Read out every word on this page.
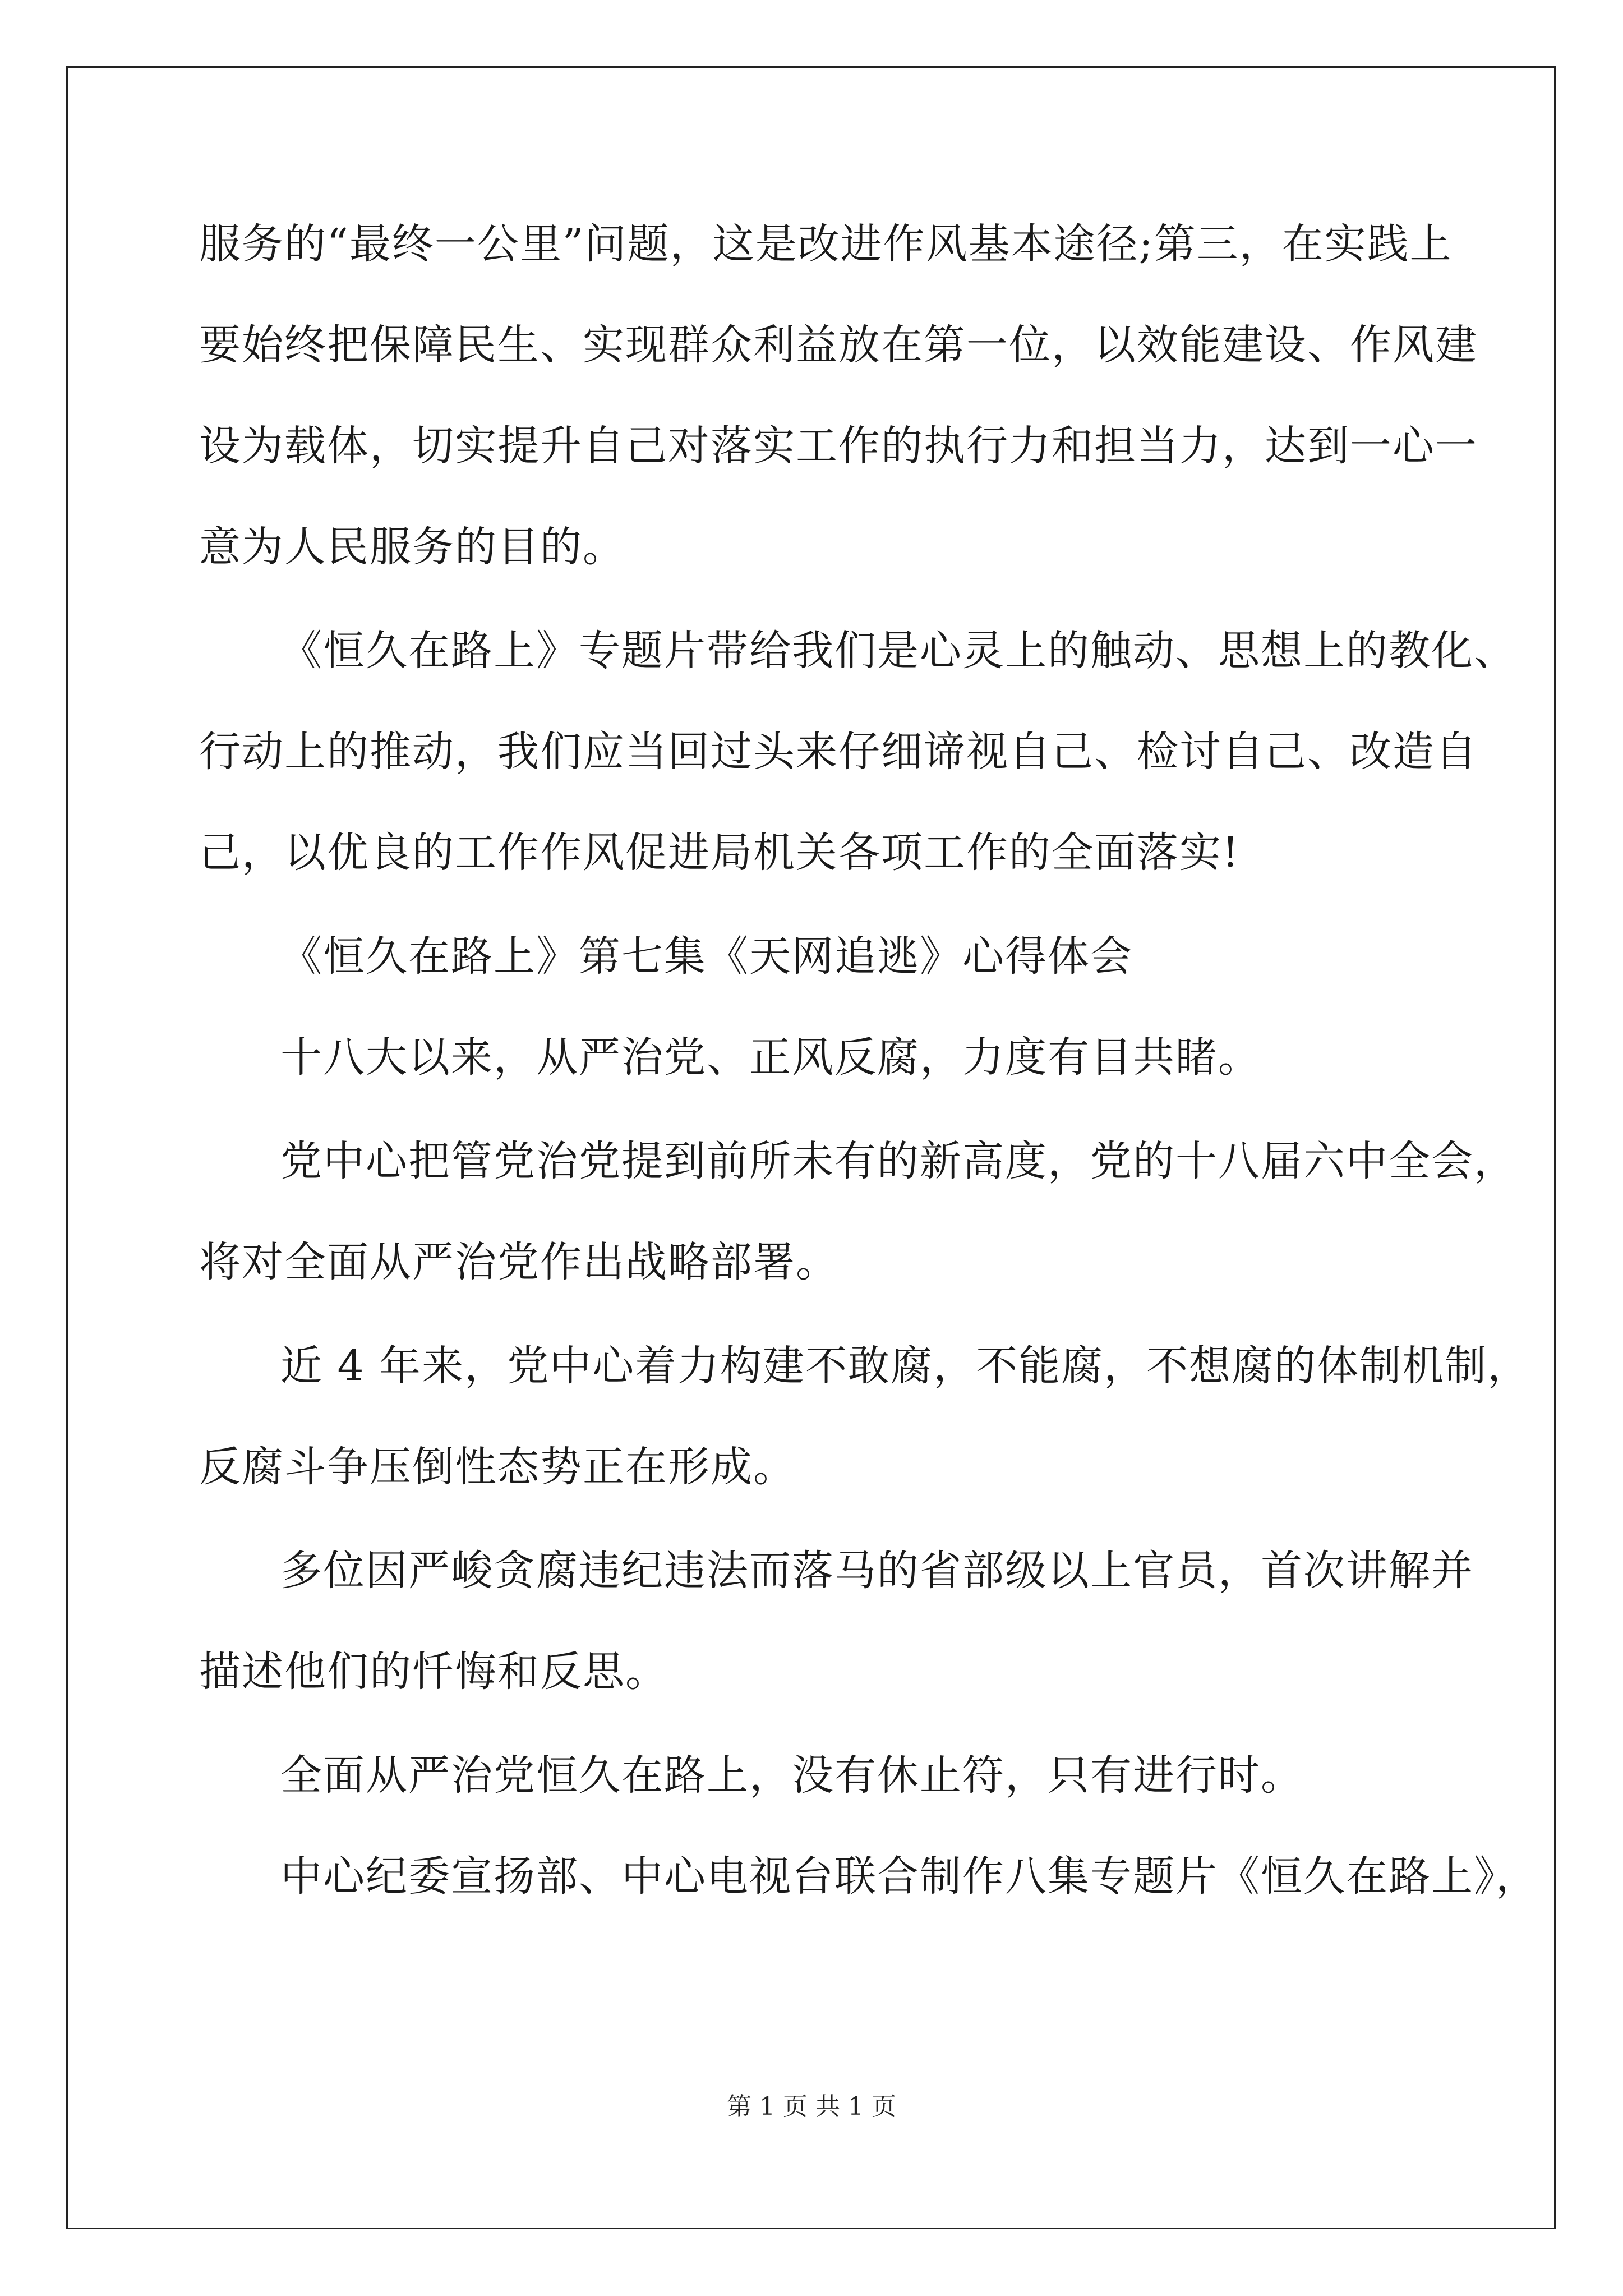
服务的“最终一公里”问题，这是改进作风基本途径;第三，在实践上
要始终把保障民生、实现群众利益放在第一位，以效能建设、作风建
设为载体，切实提升自己对落实工作的执行力和担当力，达到一心一
意为人民服务的目的。
《恒久在路上》专题片带给我们是心灵上的触动、思想上的教化、
行动上的推动，我们应当回过头来仔细谛视自己、检讨自己、改造自
己，以优良的工作作风促进局机关各项工作的全面落实!
《恒久在路上》第七集《天网追逃》心得体会
十八大以来，从严治党、正风反腐，力度有目共睹。
党中心把管党治党提到前所未有的新高度，党的十八届六中全会，
将对全面从严治党作出战略部署。
近 4 年来，党中心着力构建不敢腐，不能腐，不想腐的体制机制，
反腐斗争压倒性态势正在形成。
多位因严峻贪腐违纪违法而落马的省部级以上官员，首次讲解并
描述他们的忏悔和反思。
全面从严治党恒久在路上，没有休止符，只有进行时。
中心纪委宣扬部、中心电视台联合制作八集专题片《恒久在路上》，
第 1 页 共 1 页
